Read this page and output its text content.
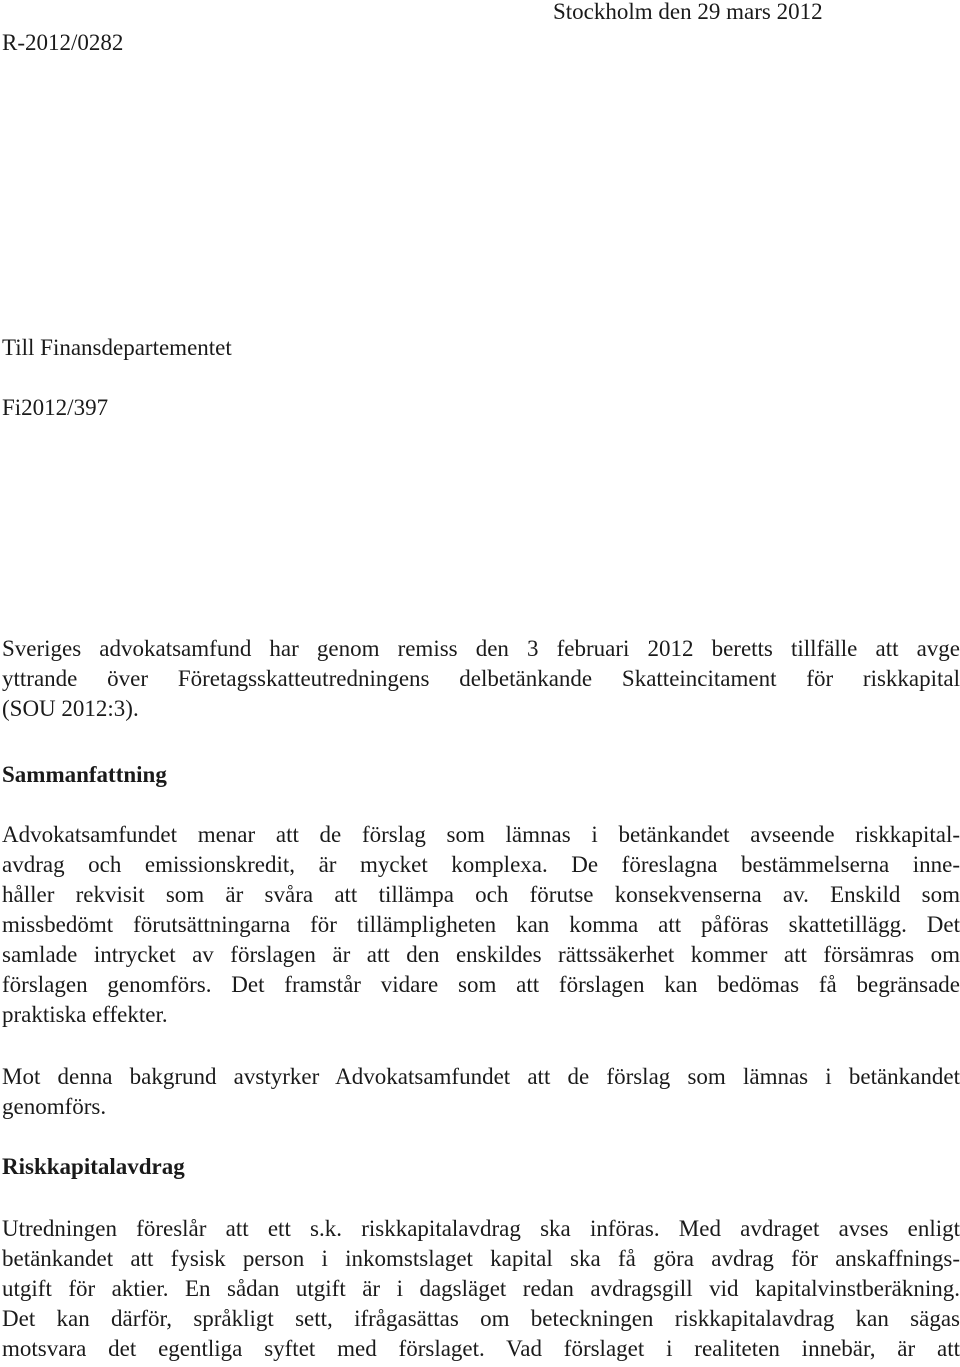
Stockholm den 29 mars 2012
R-2012/0282
Till Finansdepartementet
Fi2012/397
Sveriges advokatsamfund har genom remiss den 3 februari 2012 beretts tillfälle att avge
yttrande över Företagsskatteutredningens delbetänkande Skatteincitament för riskkapital
(SOU 2012:3).
Sammanfattning
Advokatsamfundet menar att de förslag som lämnas i betänkandet avseende riskkapital-
avdrag och emissionskredit, är mycket komplexa. De föreslagna bestämmelserna inne-
håller rekvisit som är svåra att tillämpa och förutse konsekvenserna av. Enskild som
missbedömt förutsättningarna för tillämpligheten kan komma att påföras skattetillägg. Det
samlade intrycket av förslagen är att den enskildes rättssäkerhet kommer att försämras om
förslagen genomförs. Det framstår vidare som att förslagen kan bedömas få begränsade
praktiska effekter.
Mot denna bakgrund avstyrker Advokatsamfundet att de förslag som lämnas i betänkandet
genomförs.
Riskkapitalavdrag
Utredningen föreslår att ett s.k. riskkapitalavdrag ska införas. Med avdraget avses enligt
betänkandet att fysisk person i inkomstslaget kapital ska få göra avdrag för anskaffnings-
utgift för aktier. En sådan utgift är i dagsläget redan avdragsgill vid kapitalvinstberäkning.
Det kan därför, språkligt sett, ifrågasättas om beteckningen riskkapitalavdrag kan sägas
motsvara det egentliga syftet med förslaget. Vad förslaget i realiteten innebär, är att
